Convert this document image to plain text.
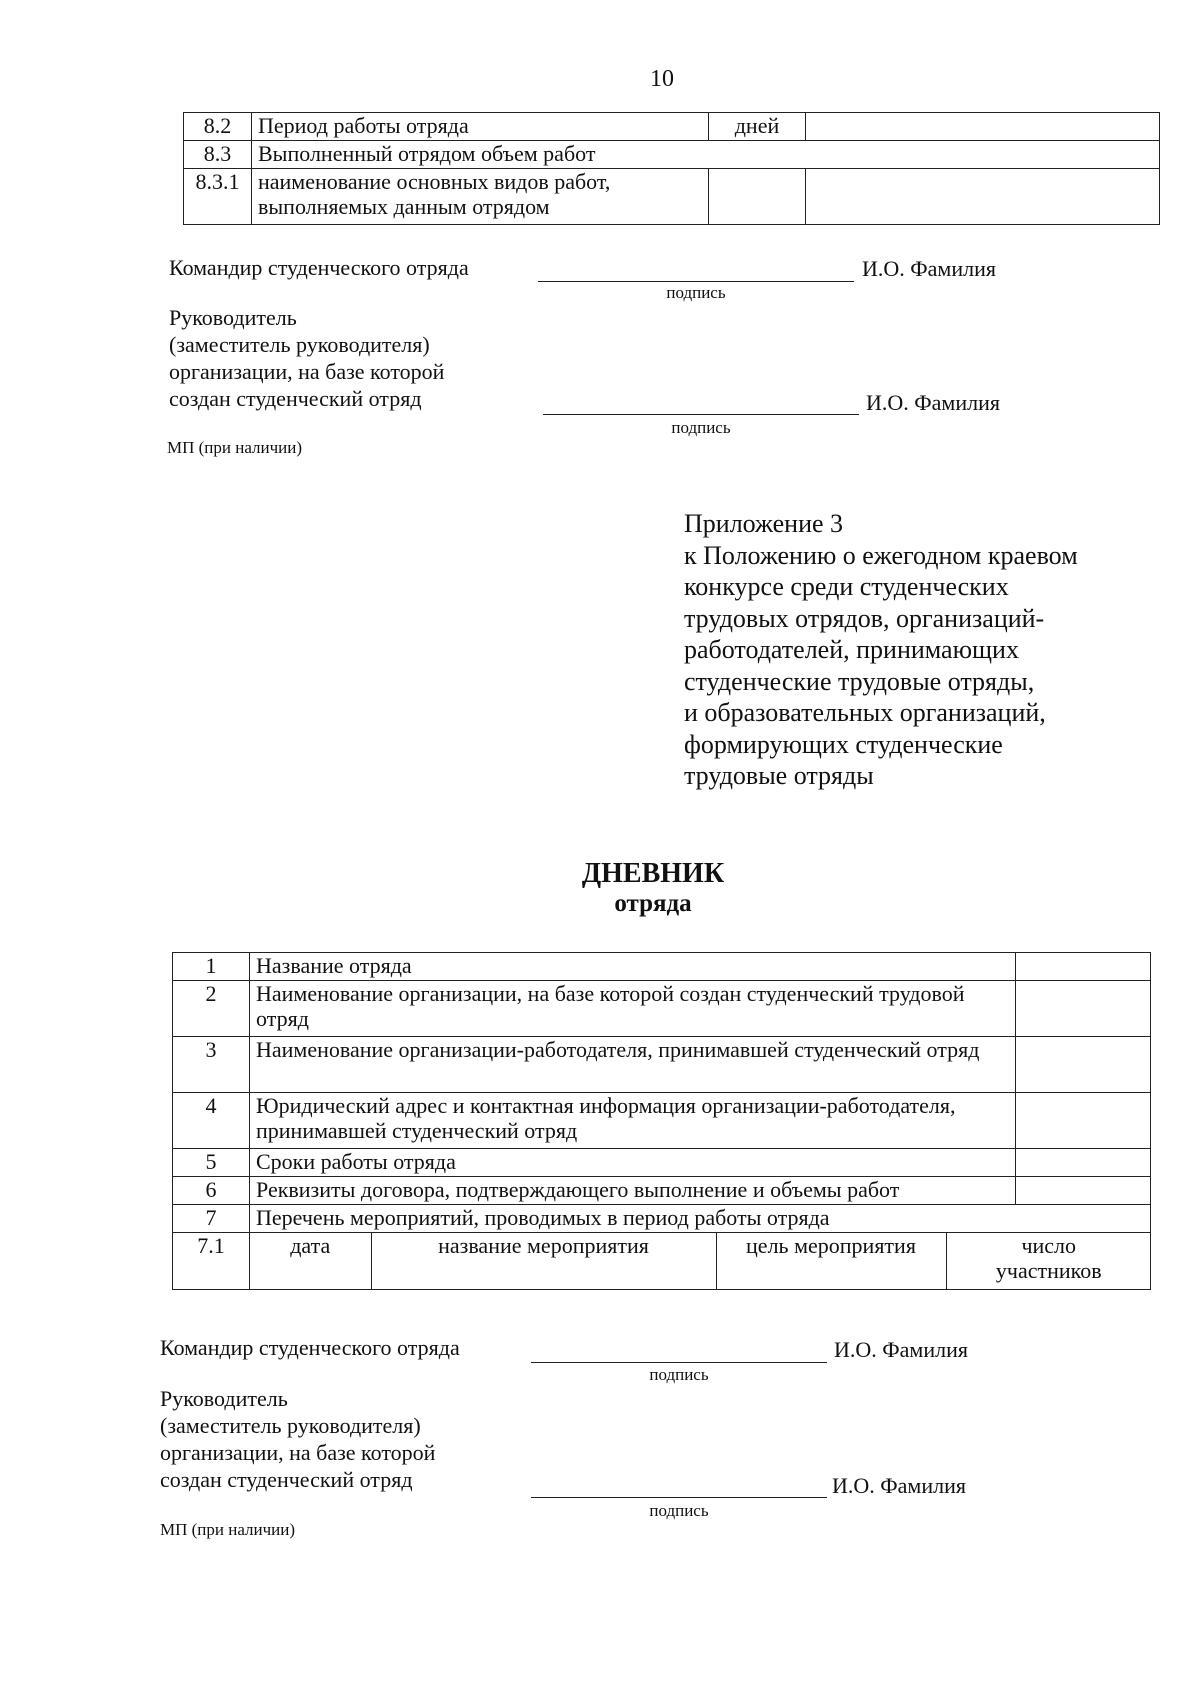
10
8.2	Период работы отряда	дней	
8.3	Выполненный отрядом объем работ		
8.3.1	наименование основных видов работ, выполняемых данным отрядом		
Командир студенческого отряда	И.О. Фамилия
подпись
Руководитель
(заместитель руководителя)
организации, на базе которой
создан студенческий отряд	И.О. Фамилия
подпись
МП (при наличии)
Приложение 3
к Положению о ежегодном краевом
конкурсе среди студенческих
трудовых отрядов, организаций-
работодателей, принимающих
студенческие трудовые отряды,
и образовательных организаций,
формирующих студенческие
трудовые отряды
ДНЕВНИК
отряда
1	Название отряда	
2	Наименование организации, на базе которой создан студенческий трудовой отряд	
3	Наименование организации-работодателя, принимавшей студенческий отряд	
4	Юридический адрес и контактная информация организации-работодателя, принимавшей студенческий отряд	
5	Сроки работы отряда	
6	Реквизиты договора, подтверждающего выполнение и объемы работ	
7	Перечень мероприятий, проводимых в период работы отряда
7.1		дата	название мероприятия	цель мероприятия	число участников
Командир студенческого отряда	И.О. Фамилия
подпись
Руководитель
(заместитель руководителя)
организации, на базе которой
создан студенческий отряд	И.О. Фамилия
подпись
МП (при наличии)
